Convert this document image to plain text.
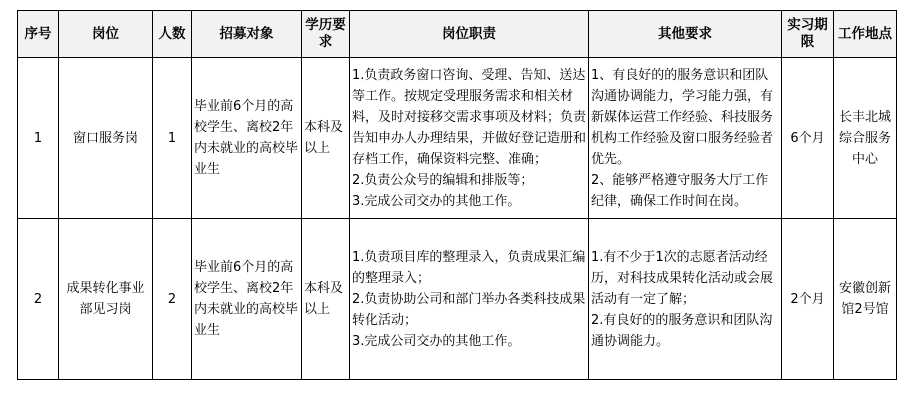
序号	岗位	人数	招募对象	学历要求	岗位职责	其他要求	实习期限	工作地点
1	窗口服务岗	1	毕业前6个月的高校学生、离校2年内未就业的高校毕业生	本科及以上	1.负责政务窗口咨询、受理、告知、送达等工作。按规定受理服务需求和相关材料，及时对接移交需求事项及材料；负责告知申办人办理结果，并做好登记造册和存档工作，确保资料完整、准确；
2.负责公众号的编辑和排版等；
3.完成公司交办的其他工作。	1、有良好的的服务意识和团队沟通协调能力，学习能力强，有新媒体运营工作经验、科技服务机构工作经验及窗口服务经验者优先。
2、能够严格遵守服务大厅工作纪律，确保工作时间在岗。	6个月	长丰北城综合服务中心
2	成果转化事业部见习岗	2	毕业前6个月的高校学生、离校2年内未就业的高校毕业生	本科及以上	1.负责项目库的整理录入，负责成果汇编的整理录入；
2.负责协助公司和部门举办各类科技成果转化活动；
3.完成公司交办的其他工作。	1.有不少于1次的志愿者活动经历，对科技成果转化活动或会展活动有一定了解；
2.有良好的的服务意识和团队沟通协调能力。	2个月	安徽创新馆2号馆
